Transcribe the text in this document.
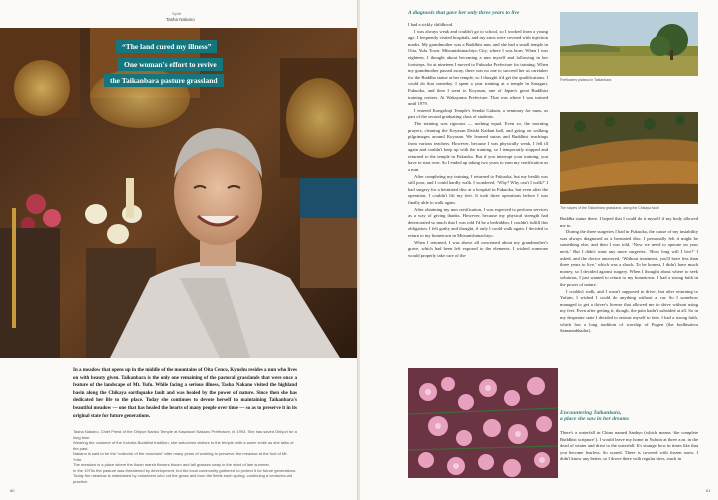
Spirit
Tasha Nakano
“The land cured my illness”
One woman's effort to revive
the Taikanbara pasture grassland
In a meadow that opens up in the middle of the mountains of Oita Cenco, Kyushu resides a nun who lives on with beauty given. Taikanbara is the only one remaining of the pastoral grasslands that were once a feature of the landscape of Mt. Yufu. While facing a serious illness, Tasha Nakano visited the highland basin along the Chikaya earthquake fault and was healed by the power of nature. Since then she has dedicated her life to the place. Today she continues to devote herself to maintaining Taikanbara's beautiful meadow — one that has healed the hearts of many people over time — so as to preserve it in its original state for future generations.
Tasha Nakano, Chief Priest of the Ohiyuri Nanko Temple at Kasatoori Nakano Prefecture, in 1993. She has saved Ohiyuri for a long time.
Wearing the costume of the Kohoka Buddhist tradition, she welcomes visitors to the temple with a warm smile as she talks of the past.
Nakano is said to be the “collector of the mountain” after many years of working to preserve the meadow at the foot of Mt. Yufu.
The meadow is a place where the Asian marsh flowers bloom and tall grasses sway in the wind of late summer.
In the 1970s the pasture was threatened by development, but the local community gathered to protect it for future generations.
Today the meadow is maintained by volunteers who cut the grass and burn the fields each spring, continuing a centuries-old practice.
60
A diagnosis that gave her only three years to live

I had a sickly childhood.

I was always weak and couldn't go to school, so I worked from a young age. I frequently visited hospitals, and my arms were covered with injection marks. My grandmother was a Buddhist nun, and she had a small temple in Oita, Yufu Town. Mitsunishimachiyo City, where I was born. When I was eighteen, I thought about becoming a nun myself and following in her footsteps. So at nineteen I moved to Fukuoka Prefecture for training. When my grandmother passed away, there was no one to succeed her as caretaker for the Buddha statue at her temple, so I thought it'd get the qualifications. I could do that someday. I spent a year training at a temple in Sasaguri, Fukuoka, and then I went to Koyasan, one of Japan's great Buddhist training centers. At Wakayama Prefecture. That was where I was trained until 1979.

I entered Kongobuji Temple's Sendai Gakuin, a seminary for nuns, as part of the second graduating class of students.

The training was rigorous — nothing equal. Even so, the morning prayers, cleaning the Koyasan Daishi Kaikan hall, and going on walking pilgrimages around Koyasan. We learned sutras and Buddhist teachings from various teachers. However, because I was physically weak, I fell ill again and couldn't keep up with the training, so I temporarily stopped and returned to the temple in Fukuoka. But if you interrupt your training, you have to start over. So I ended up taking two years to earn my certification as a nun.

After completing my training, I returned to Fukuoka, but my health was still poor, and I could hardly walk. I wondered, ‘Why? Why can't I walk?’ I had surgery for a herniated disc at a hospital in Fukuoka, but even after the operation, I couldn't lift my feet. It took three operations before I was finally able to walk again.

After obtaining my nun certification, I was expected to perform services as a way of giving thanks. However, because my physical strength had deteriorated so much that I was told I'd be a bedridden, I couldn't fulfill this obligation. I felt guilty and thought, if only I could walk again. I decided to return to my hometown in Mitsunishimachiyo.

When I returned, I was above all concerned about my grandmother's grave, which had been left exposed to the elements. I wished someone would properly take care of the

Fireflowers plateau in Taikanbara
The slopes of the Taikanbara grassland, along the Chikaya fault

Buddha statue there. I hoped that I could do it myself if my body allowed me to.

During the three surgeries I had in Fukuoka, the cause of my instability was always diagnosed as a herniated disc. I personally felt it might be something else, and then I was told, ‘Now we need to operate on your neck.’ But I didn't want any more surgeries. ‘How long will I live?’ I asked, and the doctor answered, ‘Without treatment, you'll have less than three years to live,’ which was a shock. To be honest, I didn't have much money, so I decided against surgery. When I thought about where to seek solutions, I just wanted to return to my hometown. I had a strong faith in the power of nature.

I couldn't walk, and I wasn't supposed to drive, but after returning to Yufuin, I wished I could do anything without a car. So I somehow managed to get a driver's license that allowed me to drive without using my feet. Even after getting it, though, the pain hadn't subsided at all. So in my desperate state I decided to entrust myself to fate. I had a strong faith, which has a long tradition of worship of Fugen (the bodhisattva Samantabhadra).

Encountering Taikanbara,
a place she saw in her dreams

There's a waterfall in Chino named Sanhyo (which means ‘the complete Buddhist scripture’). I would leave my home in Yufuin at three a.m. in the dead of winter and drive to the waterfall. It's strange how in times like that you become fearless. So scared. There is covered with frozen snow. I didn't know any better, so I drove there with regular tires, stuck in

61
